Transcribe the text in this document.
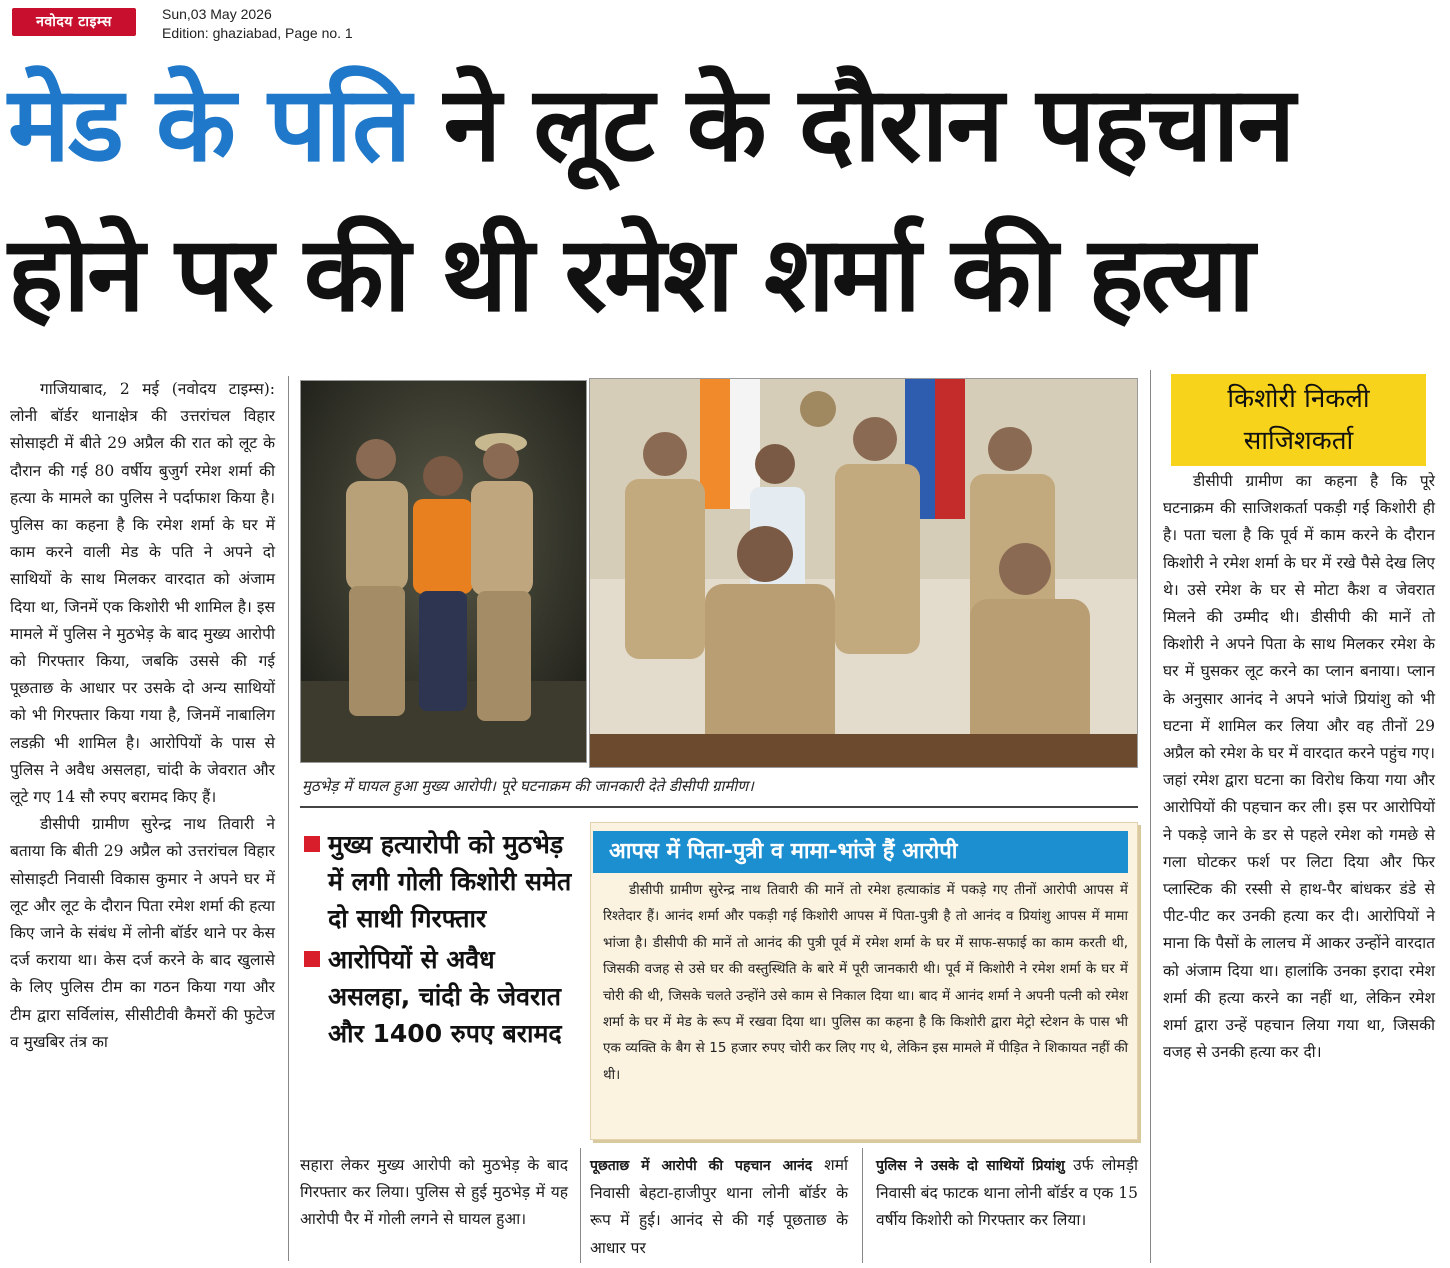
नवोदय टाइम्स	Sun,03 May 2026
Edition: ghaziabad, Page no. 1
मेड के पति ने लूट के दौरान पहचान
होने पर की थी रमेश शर्मा की हत्या

गाजियाबाद, 2 मई (नवोदय टाइम्स): लोनी बॉर्डर थानाक्षेत्र की उत्तरांचल विहार सोसाइटी में बीते 29 अप्रैल की रात को लूट के दौरान की गई 80 वर्षीय बुजुर्ग रमेश शर्मा की हत्या के मामले का पुलिस ने पर्दाफाश किया है। पुलिस का कहना है कि रमेश शर्मा के घर में काम करने वाली मेड के पति ने अपने दो साथियों के साथ मिलकर वारदात को अंजाम दिया था, जिनमें एक किशोरी भी शामिल है। इस मामले में पुलिस ने मुठभेड़ के बाद मुख्य आरोपी को गिरफ्तार किया, जबकि उससे की गई पूछताछ के आधार पर उसके दो अन्य साथियों को भी गिरफ्तार किया गया है, जिनमें नाबालिग लडक़ी भी शामिल है। आरोपियों के पास से पुलिस ने अवैध असलहा, चांदी के जेवरात और लूटे गए 14 सौ रुपए बरामद किए हैं।

डीसीपी ग्रामीण सुरेन्द्र नाथ तिवारी ने बताया कि बीती 29 अप्रैल को उत्तरांचल विहार सोसाइटी निवासी विकास कुमार ने अपने घर में लूट और लूट के दौरान पिता रमेश शर्मा की हत्या किए जाने के संबंध में लोनी बॉर्डर थाने पर केस दर्ज कराया था। केस दर्ज करने के बाद खुलासे के लिए पुलिस टीम का गठन किया गया और टीम द्वारा सर्विलांस, सीसीटीवी कैमरों की फुटेज व मुखबिर तंत्र का

मुठभेड़ में घायल हुआ मुख्य आरोपी। पूरे घटनाक्रम की जानकारी देते डीसीपी ग्रामीण।
मुख्य हत्यारोपी को मुठभेड़ में लगी गोली किशोरी समेत दो साथी गिरफ्तार
आरोपियों से अवैध असलहा, चांदी के जेवरात और 1400 रुपए बरामद
आपस में पिता-पुत्री व मामा-भांजे हैं आरोपी

डीसीपी ग्रामीण सुरेन्द्र नाथ तिवारी की मानें तो रमेश हत्याकांड में पकड़े गए तीनों आरोपी आपस में रिश्तेदार हैं। आनंद शर्मा और पकड़ी गई किशोरी आपस में पिता-पुत्री है तो आनंद व प्रियांशु आपस में मामा भांजा है। डीसीपी की मानें तो आनंद की पुत्री पूर्व में रमेश शर्मा के घर में साफ-सफाई का काम करती थी, जिसकी वजह से उसे घर की वस्तुस्थिति के बारे में पूरी जानकारी थी। पूर्व में किशोरी ने रमेश शर्मा के घर में चोरी की थी, जिसके चलते उन्होंने उसे काम से निकाल दिया था। बाद में आनंद शर्मा ने अपनी पत्नी को रमेश शर्मा के घर में मेड के रूप में रखवा दिया था। पुलिस का कहना है कि किशोरी द्वारा मेट्रो स्टेशन के पास भी एक व्यक्ति के बैग से 15 हजार रुपए चोरी कर लिए गए थे, लेकिन इस मामले में पीड़ित ने शिकायत नहीं की थी।

सहारा लेकर मुख्य आरोपी को मुठभेड़ के बाद गिरफ्तार कर लिया। पुलिस से हुई मुठभेड़ में यह आरोपी पैर में गोली लगने से घायल हुआ।

पूछताछ में आरोपी की पहचान आनंद शर्मा निवासी बेहटा-हाजीपुर थाना लोनी बॉर्डर के रूप में हुई। आनंद से की गई पूछताछ के आधार पर

पुलिस ने उसके दो साथियों प्रियांशु उर्फ लोमड़ी निवासी बंद फाटक थाना लोनी बॉर्डर व एक 15 वर्षीय किशोरी को गिरफ्तार कर लिया।

किशोरी निकली
साजिशकर्ता

डीसीपी ग्रामीण का कहना है कि पूरे घटनाक्रम की साजिशकर्ता पकड़ी गई किशोरी ही है। पता चला है कि पूर्व में काम करने के दौरान किशोरी ने रमेश शर्मा के घर में रखे पैसे देख लिए थे। उसे रमेश के घर से मोटा कैश व जेवरात मिलने की उम्मीद थी। डीसीपी की मानें तो किशोरी ने अपने पिता के साथ मिलकर रमेश के घर में घुसकर लूट करने का प्लान बनाया। प्लान के अनुसार आनंद ने अपने भांजे प्रियांशु को भी घटना में शामिल कर लिया और वह तीनों 29 अप्रैल को रमेश के घर में वारदात करने पहुंच गए। जहां रमेश द्वारा घटना का विरोध किया गया और आरोपियों की पहचान कर ली। इस पर आरोपियों ने पकड़े जाने के डर से पहले रमेश को गमछे से गला घोटकर फर्श पर लिटा दिया और फिर प्लास्टिक की रस्सी से हाथ-पैर बांधकर डंडे से पीट-पीट कर उनकी हत्या कर दी। आरोपियों ने माना कि पैसों के लालच में आकर उन्होंने वारदात को अंजाम दिया था। हालांकि उनका इरादा रमेश शर्मा की हत्या करने का नहीं था, लेकिन रमेश शर्मा द्वारा उन्हें पहचान लिया गया था, जिसकी वजह से उनकी हत्या कर दी।
